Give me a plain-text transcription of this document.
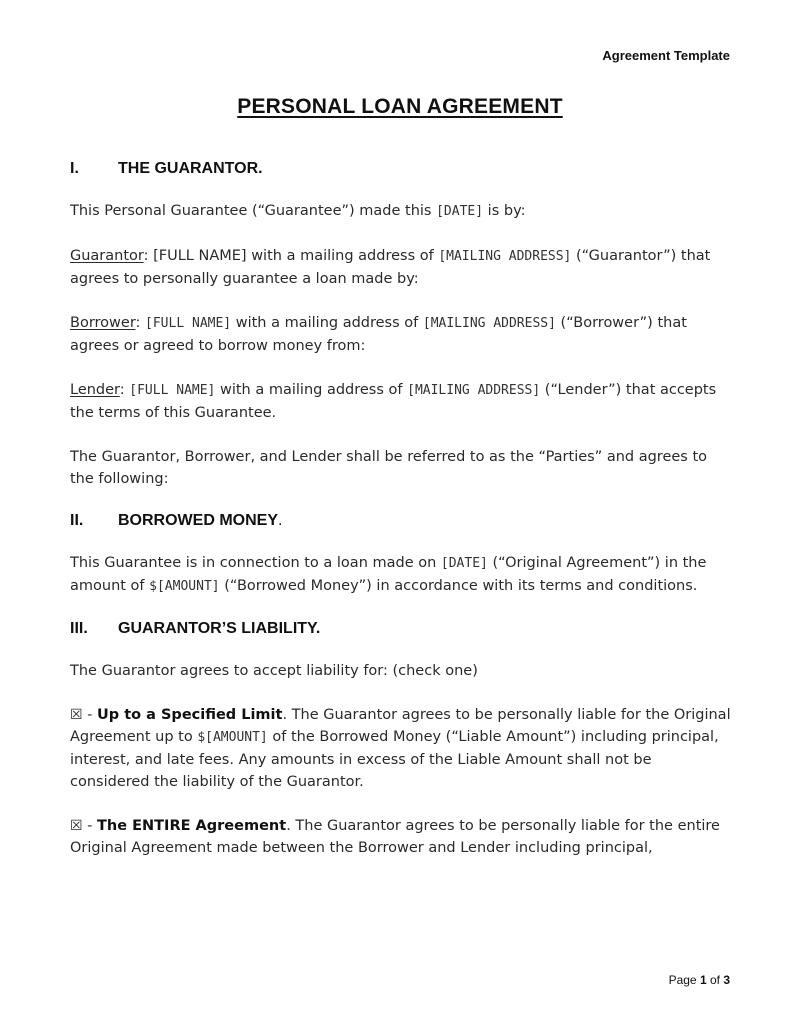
Agreement Template
PERSONAL LOAN AGREEMENT
I.	THE GUARANTOR.

This Personal Guarantee (“Guarantee”) made this [DATE] is by:

Guarantor: [FULL NAME] with a mailing address of [MAILING ADDRESS] (“Guarantor”) that agrees to personally guarantee a loan made by:

Borrower: [FULL NAME] with a mailing address of [MAILING ADDRESS] (“Borrower”) that agrees or agreed to borrow money from:

Lender: [FULL NAME] with a mailing address of [MAILING ADDRESS] (“Lender”) that accepts the terms of this Guarantee.

The Guarantor, Borrower, and Lender shall be referred to as the “Parties” and agrees to the following:

II.	BORROWED MONEY.

This Guarantee is in connection to a loan made on [DATE] (“Original Agreement”) in the amount of $[AMOUNT] (“Borrowed Money”) in accordance with its terms and conditions.

III.	GUARANTOR’S LIABILITY.

The Guarantor agrees to accept liability for: (check one)

☒ - Up to a Specified Limit. The Guarantor agrees to be personally liable for the Original Agreement up to $[AMOUNT] of the Borrowed Money (“Liable Amount”) including principal, interest, and late fees. Any amounts in excess of the Liable Amount shall not be considered the liability of the Guarantor.

☒ - The ENTIRE Agreement. The Guarantor agrees to be personally liable for the entire Original Agreement made between the Borrower and Lender including principal,

Page 1 of 3
